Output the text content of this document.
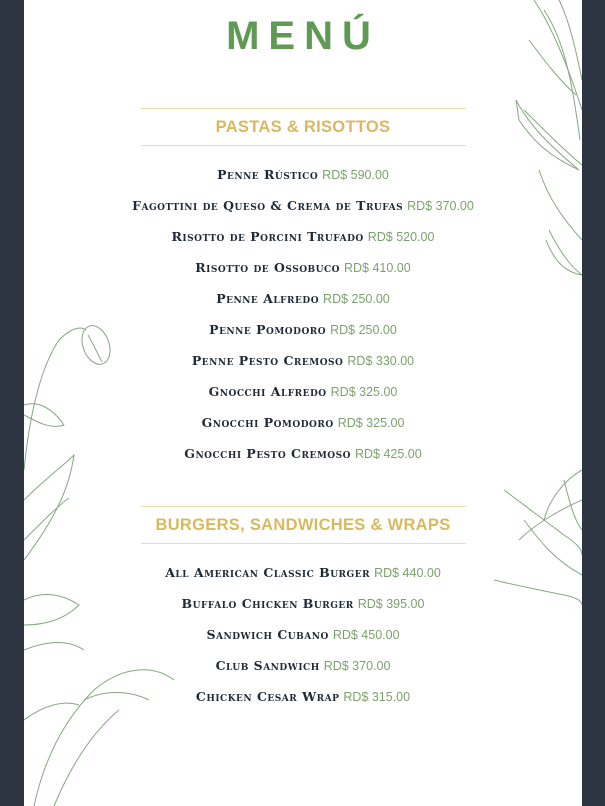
MENÚ
PASTAS & RISOTTOS
Penne Rústico RD$ 590.00
Fagottini de Queso & Crema de Trufas RD$ 370.00
Risotto de Porcini Trufado RD$ 520.00
Risotto de Ossobuco RD$ 410.00
Penne Alfredo RD$ 250.00
Penne Pomodoro RD$ 250.00
Penne Pesto Cremoso RD$ 330.00
Gnocchi Alfredo RD$ 325.00
Gnocchi Pomodoro RD$ 325.00
Gnocchi Pesto Cremoso RD$ 425.00
BURGERS, SANDWICHES & WRAPS
All American Classic Burger RD$ 440.00
Buffalo Chicken Burger RD$ 395.00
Sandwich Cubano RD$ 450.00
Club Sandwich RD$ 370.00
Chicken Cesar Wrap RD$ 315.00
